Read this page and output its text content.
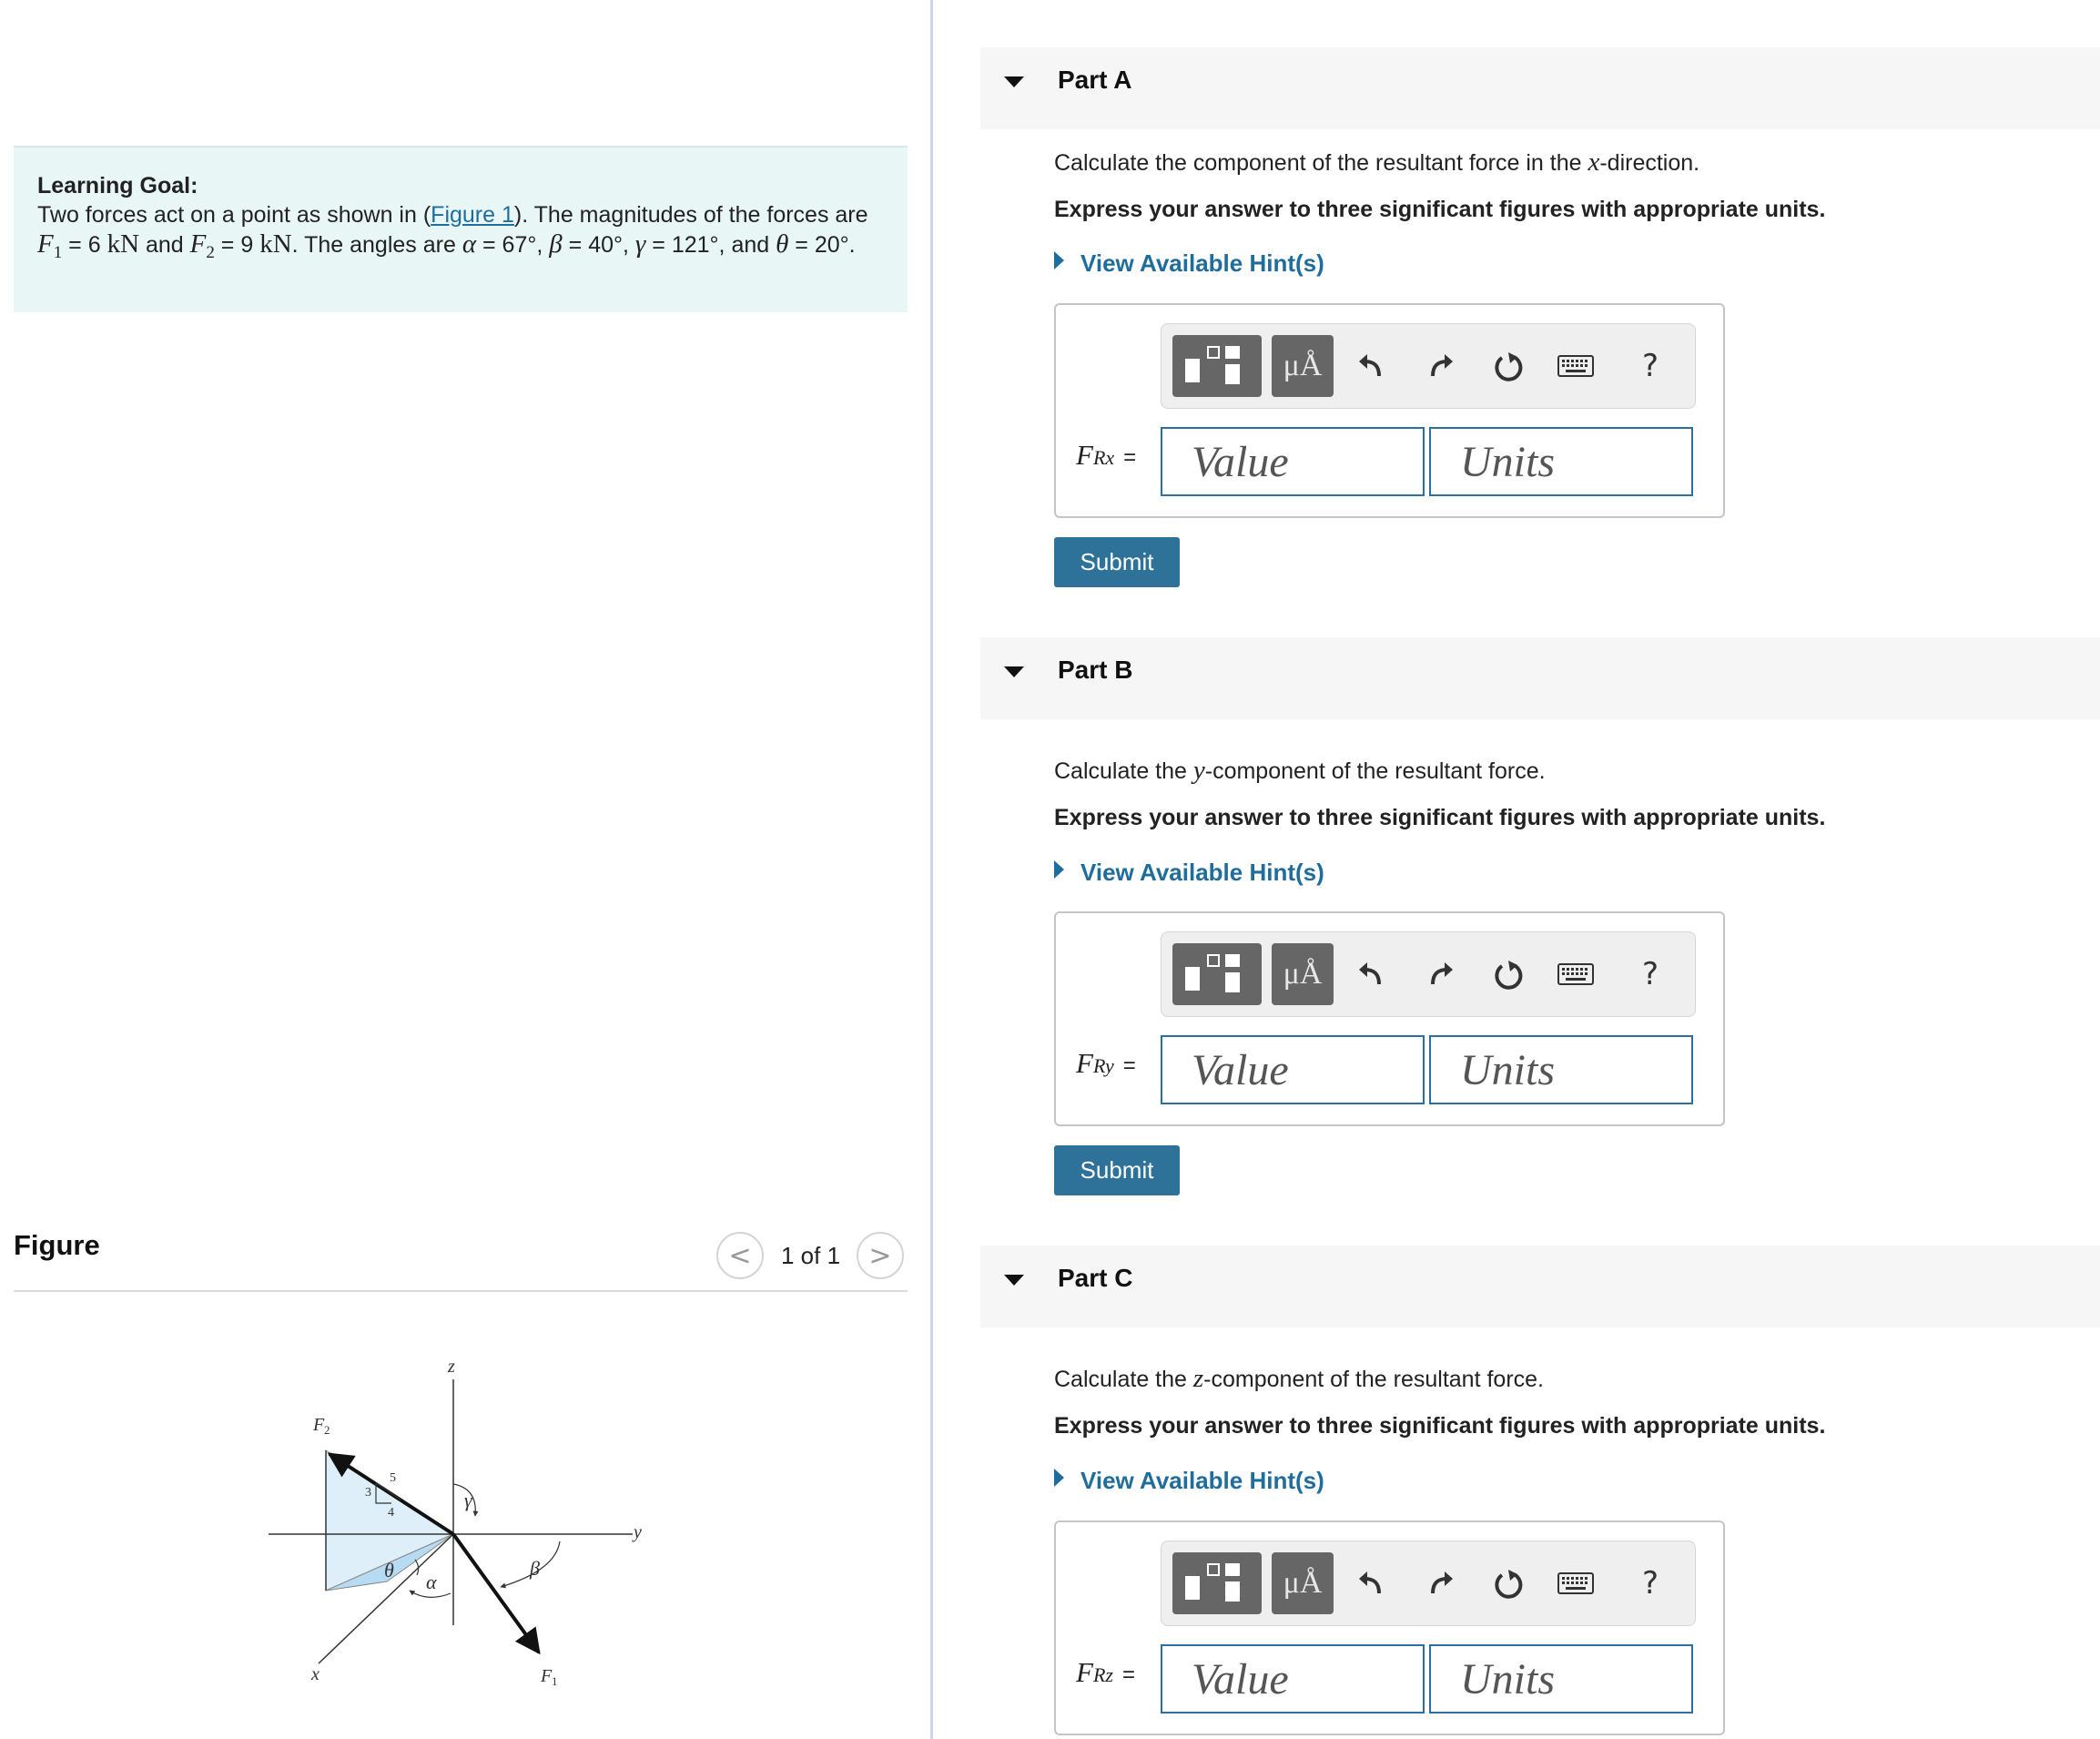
Learning Goal:
Two forces act on a point as shown in (Figure 1). The magnitudes of the forces are $F_1 = 6$ kN and $F_2 = 9$ kN. The angles are α = 67°, β = 40°, γ = 121°, and θ = 20°.
Figure	< 1 of 1 >
z
y
x
F 2
F 1
γ
β
α
θ
3
4
5
Part A
Calculate the component of the resultant force in the x-direction.
Express your answer to three significant figures with appropriate units.
View Available Hint(s)
μÅ	?
FRx =
Value
Units
Submit
Part B
Calculate the y-component of the resultant force.
Express your answer to three significant figures with appropriate units.
View Available Hint(s)
μÅ	?
FRy =
Value
Units
Submit
Part C
Calculate the z-component of the resultant force.
Express your answer to three significant figures with appropriate units.
View Available Hint(s)
μÅ	?
FRz =
Value
Units
